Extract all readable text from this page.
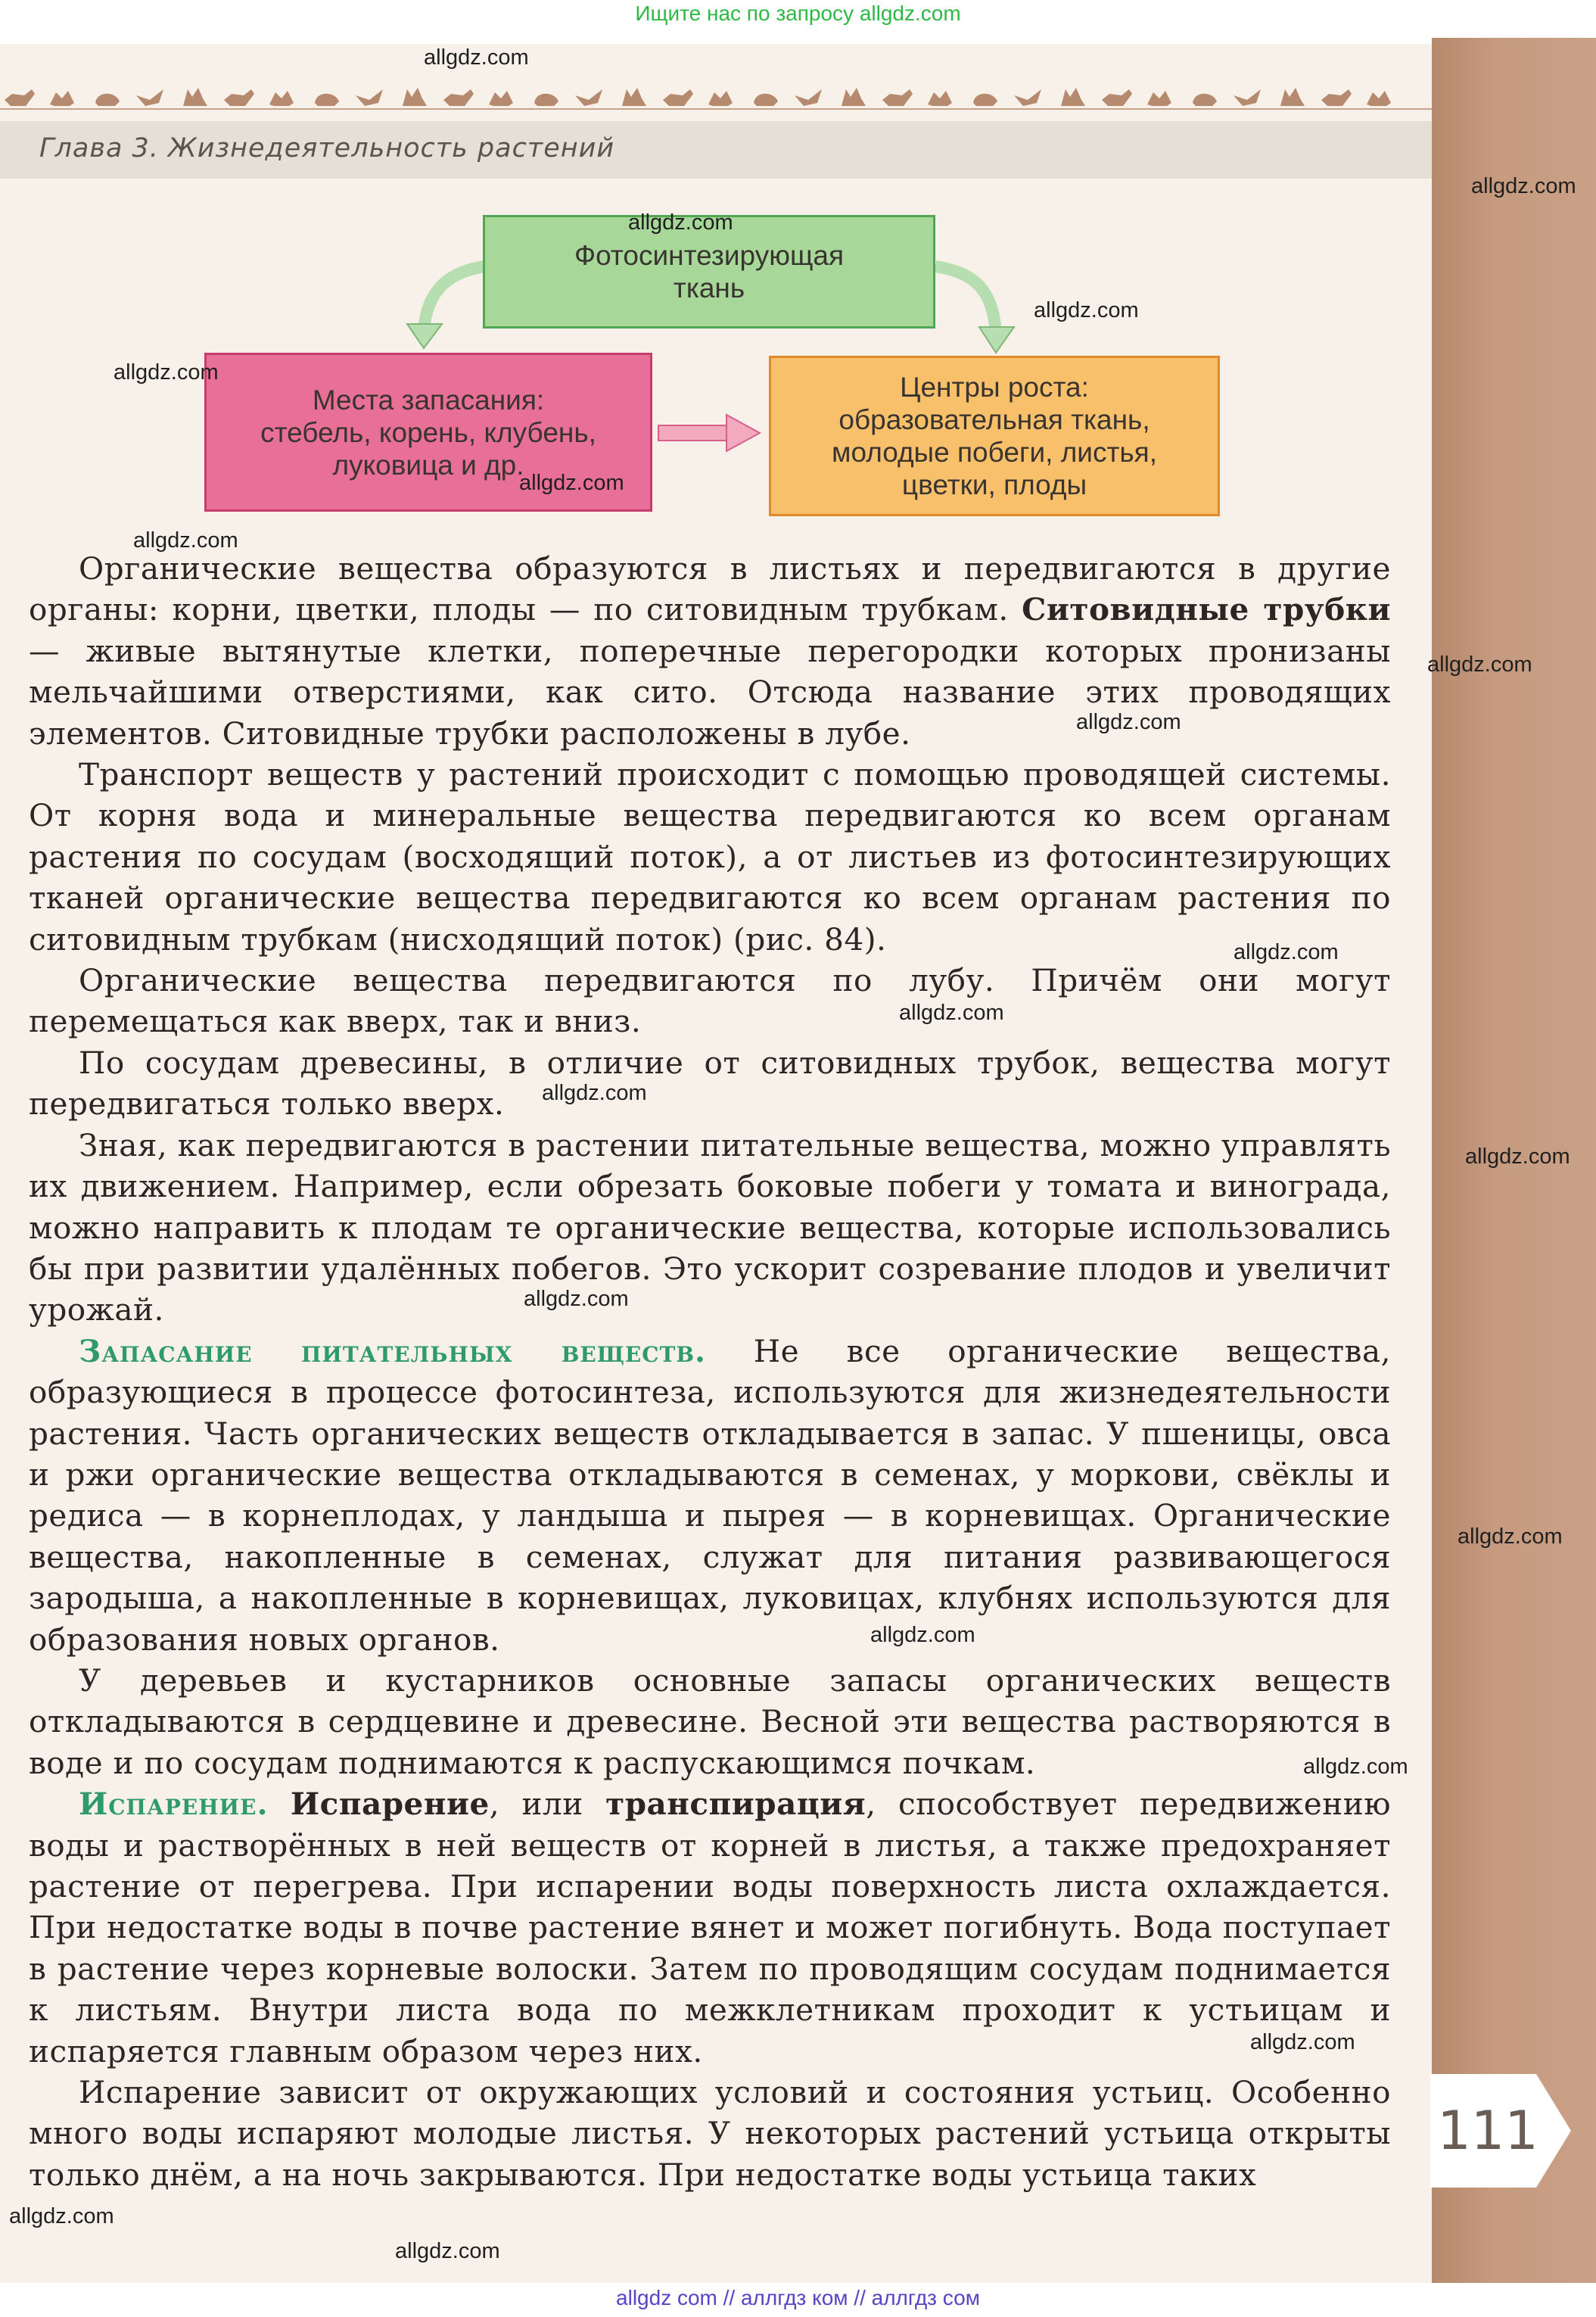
Ищите нас по запросу allgdz.com
Глава 3. Жизнедеятельность растений
Фотосинтезирующая
ткань
Места запасания:
стебель, корень, клубень,
луковица и др.
Центры роста:
образовательная ткань,
молодые побеги, листья,
цветки, плоды

Органические вещества образуются в листьях и передвигаются в другие органы: корни, цветки, плоды — по ситовидным трубкам. Ситовидные трубки — живые вытянутые клетки, поперечные перегородки которых пронизаны мельчайшими отверстиями, как сито. Отсюда название этих проводящих элементов. Ситовидные трубки расположены в лубе.

Транспорт веществ у растений происходит с помощью проводящей системы. От корня вода и минеральные вещества передвигаются ко всем органам растения по сосудам (восходящий поток), а от листьев из фотосинтезирующих тканей органические вещества передвигаются ко всем органам растения по ситовидным трубкам (нисходящий поток) (рис. 84).

Органические вещества передвигаются по лубу. Причём они могут перемещаться как вверх, так и вниз.

По сосудам древесины, в отличие от ситовидных трубок, вещества могут передвигаться только вверх.

Зная, как передвигаются в растении питательные вещества, можно управлять их движением. Например, если обрезать боковые побеги у томата и винограда, можно направить к плодам те органические вещества, которые использовались бы при развитии удалённых побегов. Это ускорит созревание плодов и увеличит урожай.

Запасание питательных веществ. Не все органические вещества, образующиеся в процессе фотосинтеза, используются для жизнедеятельности растения. Часть органических веществ откладывается в запас. У пшеницы, овса и ржи органические вещества откладываются в семенах, у моркови, свёклы и редиса — в корнеплодах, у ландыша и пырея — в корневищах. Органические вещества, накопленные в семенах, служат для питания развивающегося зародыша, а накопленные в корневищах, луковицах, клубнях используются для образования новых органов.

У деревьев и кустарников основные запасы органических веществ откладываются в сердцевине и древесине. Весной эти вещества растворяются в воде и по сосудам поднимаются к распускающимся почкам.

Испарение. Испарение, или транспирация, способствует передвижению воды и растворённых в ней веществ от корней в листья, а также предохраняет растение от перегрева. При испарении воды поверхность листа охлаждается. При недостатке воды в почве растение вянет и может погибнуть. Вода поступает в растение через корневые волоски. Затем по проводящим сосудам поднимается к листьям. Внутри листа вода по межклетникам проходит к устьицам и испаряется главным образом через них.

Испарение зависит от окружающих условий и состояния устьиц. Особенно много воды испаряют молодые листья. У некоторых растений устьица открыты только днём, а на ночь закрываются. При недостатке воды устьица таких

111
allgdz.com
allgdz.com
allgdz.com
allgdz.com
allgdz.com
allgdz.com
allgdz.com
allgdz.com
allgdz.com
allgdz.com
allgdz.com
allgdz.com
allgdz.com
allgdz.com
allgdz.com
allgdz.com
allgdz.com
allgdz.com
allgdz.com
allgdz.com
allgdz com // аллгдз ком // аллгдз сом
